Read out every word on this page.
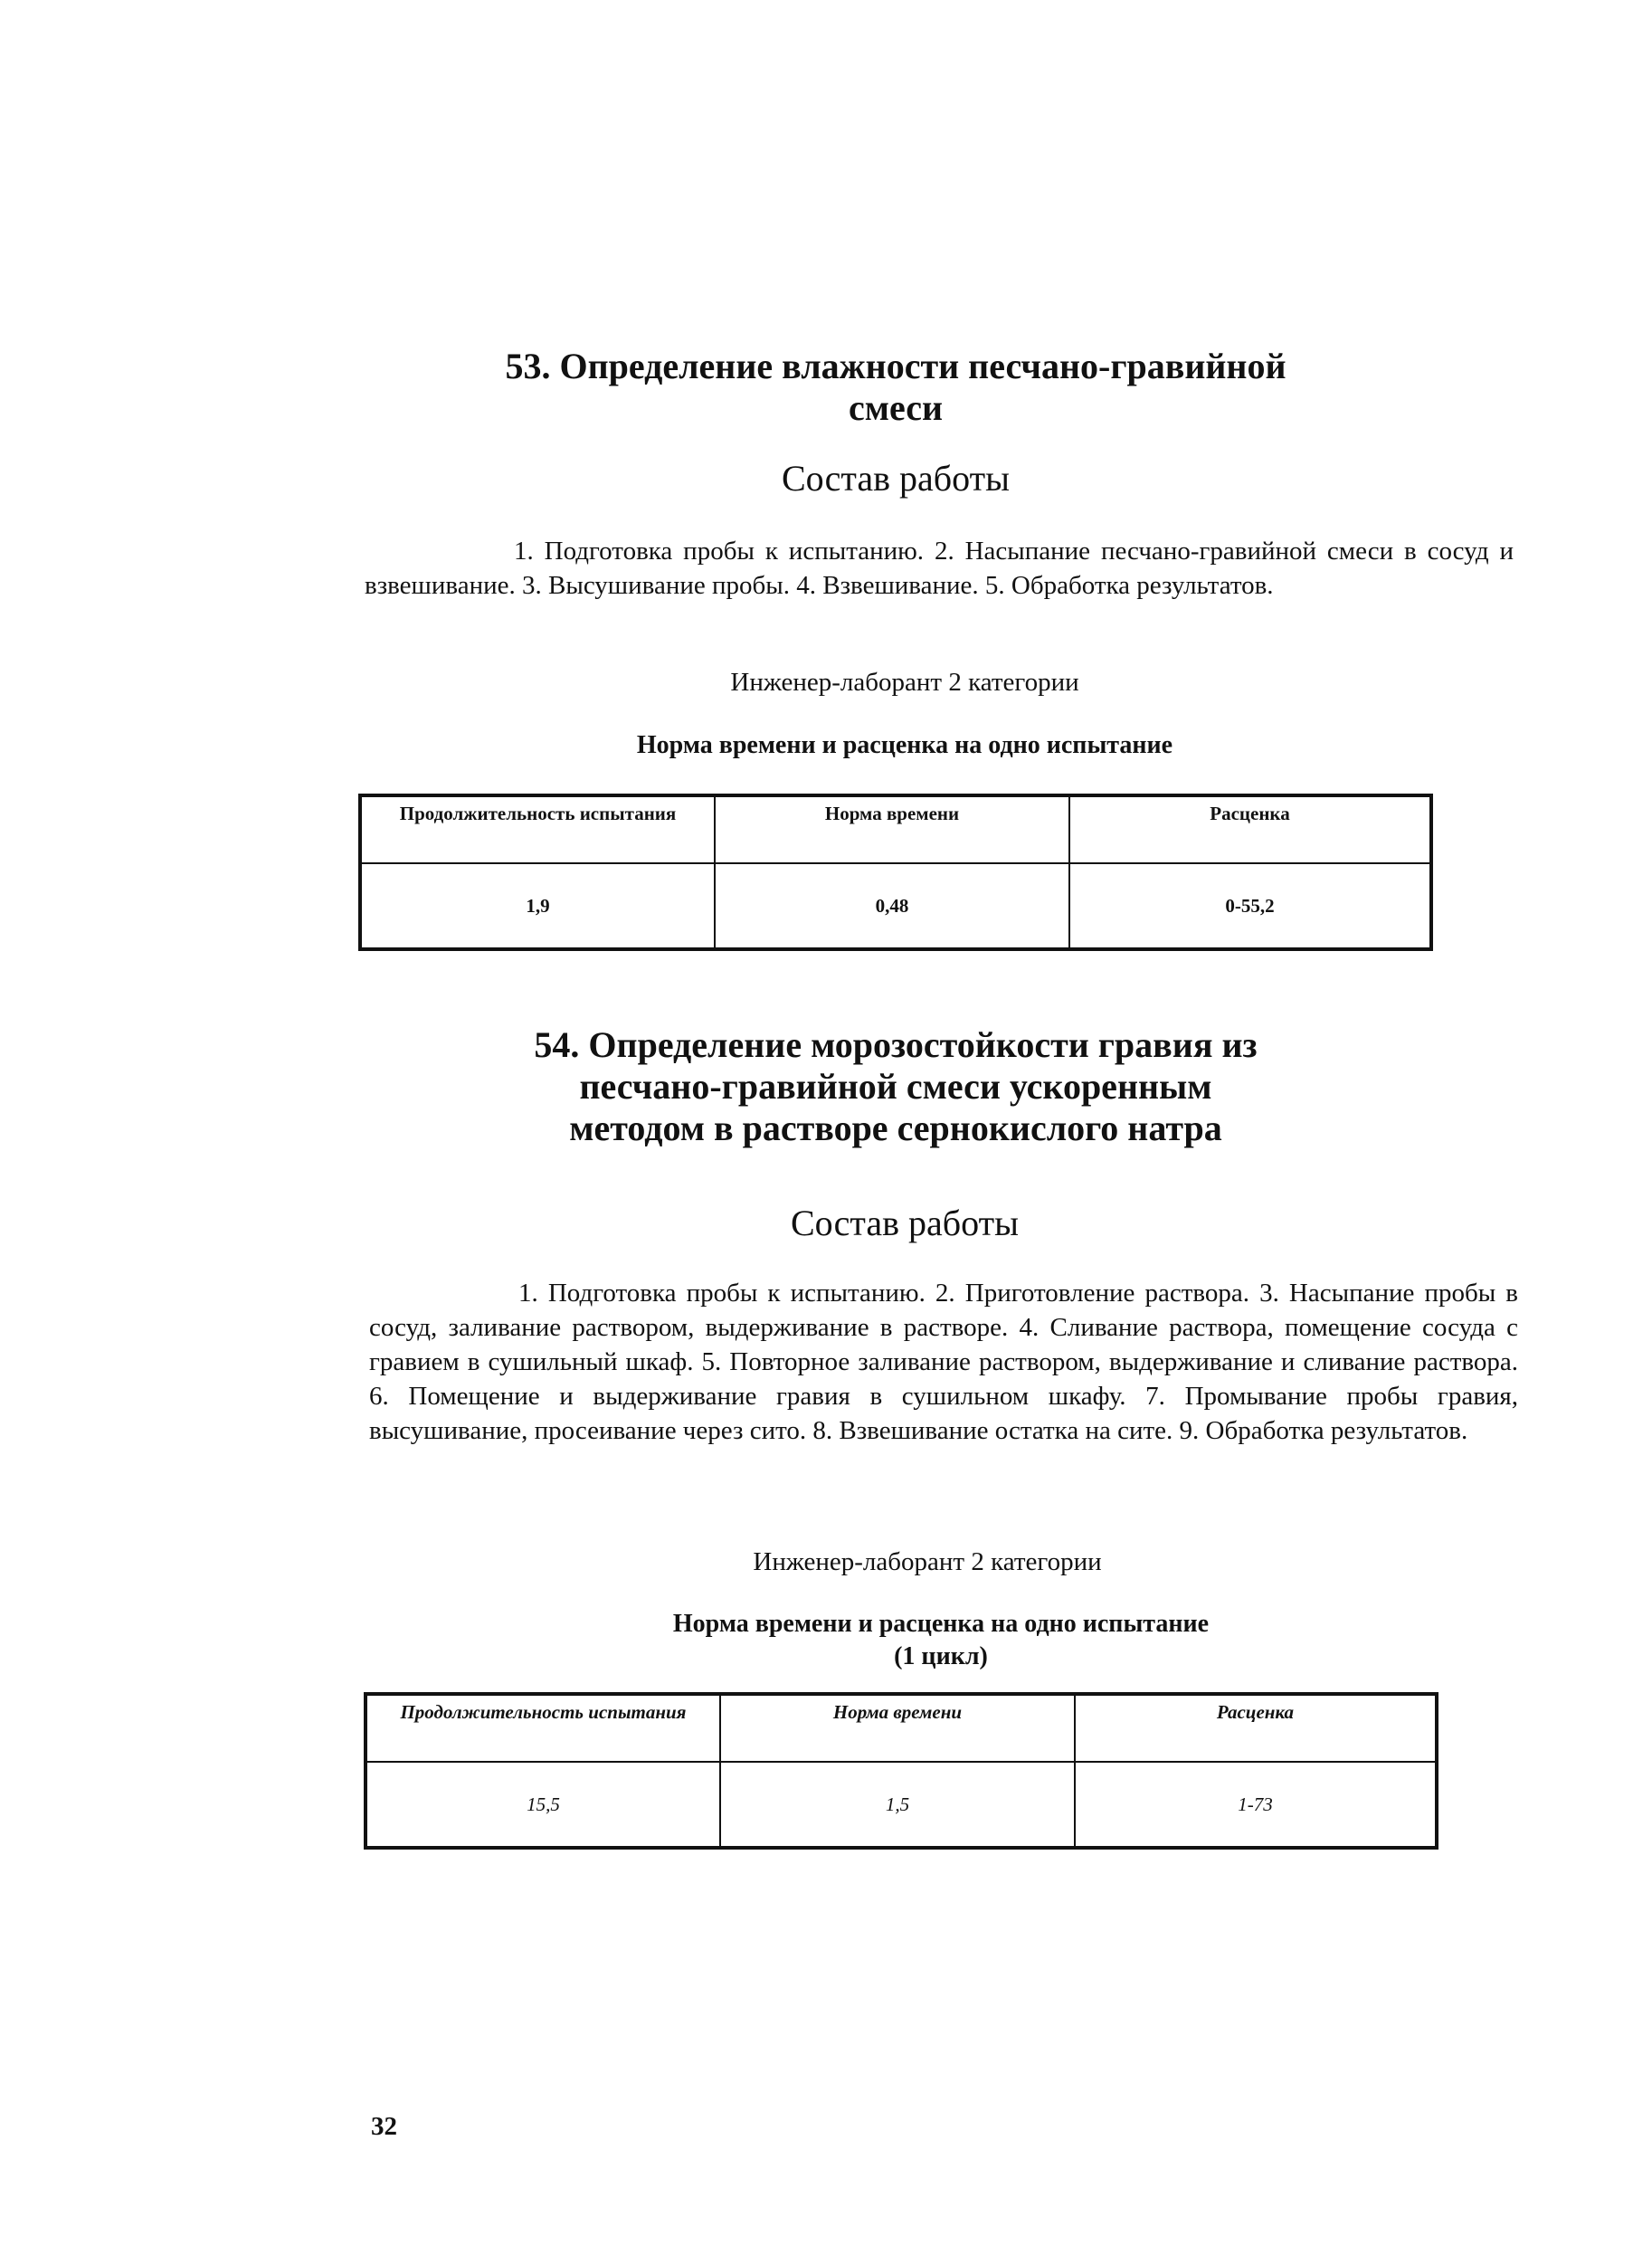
53. Определение влажности песчано-гравийной
смеси
Состав работы
1. Подготовка пробы к испытанию. 2. Насыпание песчано-гравийной смеси в сосуд и взвешивание. 3. Высушивание пробы. 4. Взвешивание. 5. Обработка результатов.
Инженер-лаборант 2 категории
Норма времени и расценка на одно испытание
Продолжительность испытания	Норма времени	Расценка
1,9	0,48	0-55,2
54. Определение морозостойкости гравия из
песчано-гравийной смеси ускоренным
методом в растворе сернокислого натра
Состав работы
1. Подготовка пробы к испытанию. 2. Приготовление раствора. 3. Насыпание пробы в сосуд, заливание раствором, выдерживание в растворе. 4. Сливание раствора, помещение сосуда с гравием в сушильный шкаф. 5. Повторное заливание раствором, выдерживание и сливание раствора. 6. Помещение и выдерживание гравия в сушильном шкафу. 7. Промывание пробы гравия, высушивание, просеивание через сито. 8. Взвешивание остатка на сите. 9. Обработка результатов.
Инженер-лаборант 2 категории
Норма времени и расценка на одно испытание
(1 цикл)
Продолжительность испытания	Норма времени	Расценка
15,5	1,5	1-73
32
